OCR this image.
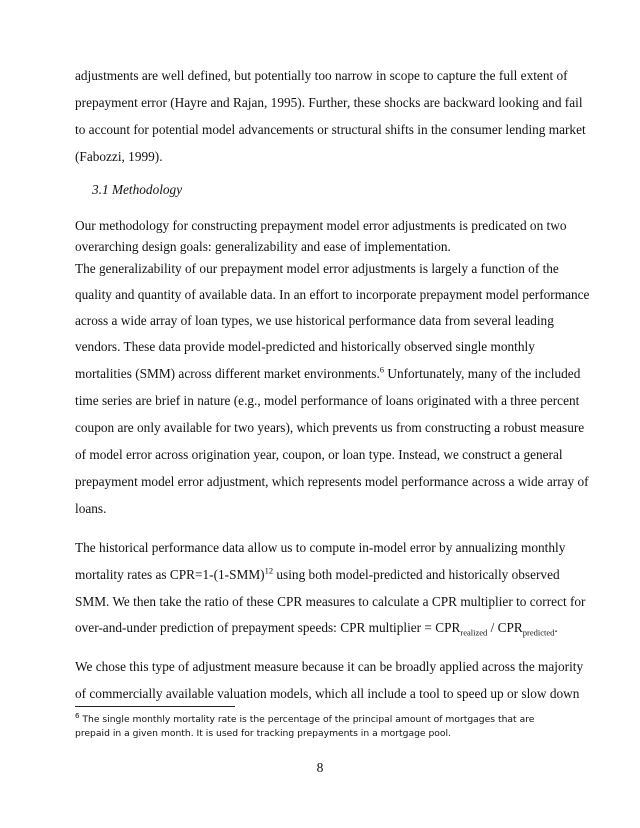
adjustments are well defined, but potentially too narrow in scope to capture the full extent of
prepayment error (Hayre and Rajan, 1995). Further, these shocks are backward looking and fail
to account for potential model advancements or structural shifts in the consumer lending market
(Fabozzi, 1999).
3.1 Methodology
Our methodology for constructing prepayment model error adjustments is predicated on two
overarching design goals: generalizability and ease of implementation.
The generalizability of our prepayment model error adjustments is largely a function of the
quality and quantity of available data. In an effort to incorporate prepayment model performance
across a wide array of loan types, we use historical performance data from several leading
vendors. These data provide model-predicted and historically observed single monthly
mortalities (SMM) across different market environments.$^6$ Unfortunately, many of the included
time series are brief in nature (e.g., model performance of loans originated with a three percent
coupon are only available for two years), which prevents us from constructing a robust measure
of model error across origination year, coupon, or loan type. Instead, we construct a general
prepayment model error adjustment, which represents model performance across a wide array of
loans.
The historical performance data allow us to compute in-model error by annualizing monthly
mortality rates as $CPR=1-(1-SMM)^{12}$ using both model-predicted and historically observed
SMM. We then take the ratio of these CPR measures to calculate a CPR multiplier to correct for
over-and-under prediction of prepayment speeds: CPR multiplier = $CPR_{realized} / CPR_{predicted}$.
We chose this type of adjustment measure because it can be broadly applied across the majority
of commercially available valuation models, which all include a tool to speed up or slow down
$^6$ The single monthly mortality rate is the percentage of the principal amount of mortgages that are
prepaid in a given month. It is used for tracking prepayments in a mortgage pool.
8
